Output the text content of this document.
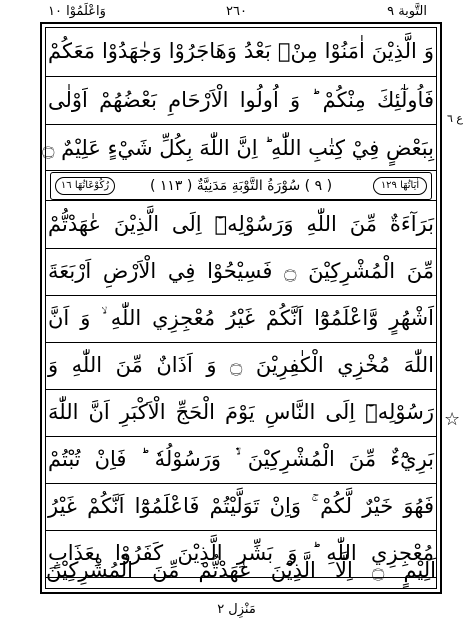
وَاعْلَمُوْا ١٠	٢٦٠	التَّوبة ٩
وَ الَّذِيْنَ اٰمَنُوْا مِنْۢ بَعْدُ وَهَاجَرُوْا وَجٰهَدُوْا مَعَكُمْ
فَاُولٰٓئِكَ مِنْكُمْ ؕ وَ اُولُوا الْاَرْحَامِ بَعْضُهُمْ اَوْلٰى
بِبَعْضٍ فِيْ كِتٰبِ اللّٰهِ ؕ اِنَّ اللّٰهَ بِكُلِّ شَيْءٍ عَلِيْمٌ ۝
اٰيَاتُهَا ١٢٩
( ٩ ) سُوْرَةُ التَّوْبَةِ مَدَنِيَّةٌ ( ١١٣ )
رُكُوْعَاتُهَا ١٦
بَرَآءَةٌ مِّنَ اللّٰهِ وَرَسُوْلِهٖٓ اِلَى الَّذِيْنَ عٰهَدْتُّمْ
مِّنَ الْمُشْرِكِيْنَ ۝ فَسِيْحُوْا فِي الْاَرْضِ اَرْبَعَةَ
اَشْهُرٍ وَّاعْلَمُوْٓا اَنَّكُمْ غَيْرُ مُعْجِزِي اللّٰهِ ۙ وَ اَنَّ
اللّٰهَ مُخْزِي الْكٰفِرِيْنَ ۝ وَ اَذَانٌ مِّنَ اللّٰهِ وَ
رَسُوْلِهٖٓ اِلَى النَّاسِ يَوْمَ الْحَجِّ الْاَكْبَرِ اَنَّ اللّٰهَ
بَرِيْٓءٌ مِّنَ الْمُشْرِكِيْنَ ۙ۬ وَرَسُوْلُهٗ ؕ فَاِنْ تُبْتُمْ
فَهُوَ خَيْرٌ لَّكُمْ ۚ وَاِنْ تَوَلَّيْتُمْ فَاعْلَمُوْٓا اَنَّكُمْ غَيْرُ
مُعْجِزِي اللّٰهِ ؕ وَ بَشِّرِ الَّذِيْنَ كَفَرُوْا بِعَذَابٍ
اَلِيْمٍ ۝ اِلَّا الَّذِيْنَ عٰهَدْتُّمْ مِّنَ الْمُشْرِكِيْنَ
ع ٦
☆
مَنْزِل ٢
